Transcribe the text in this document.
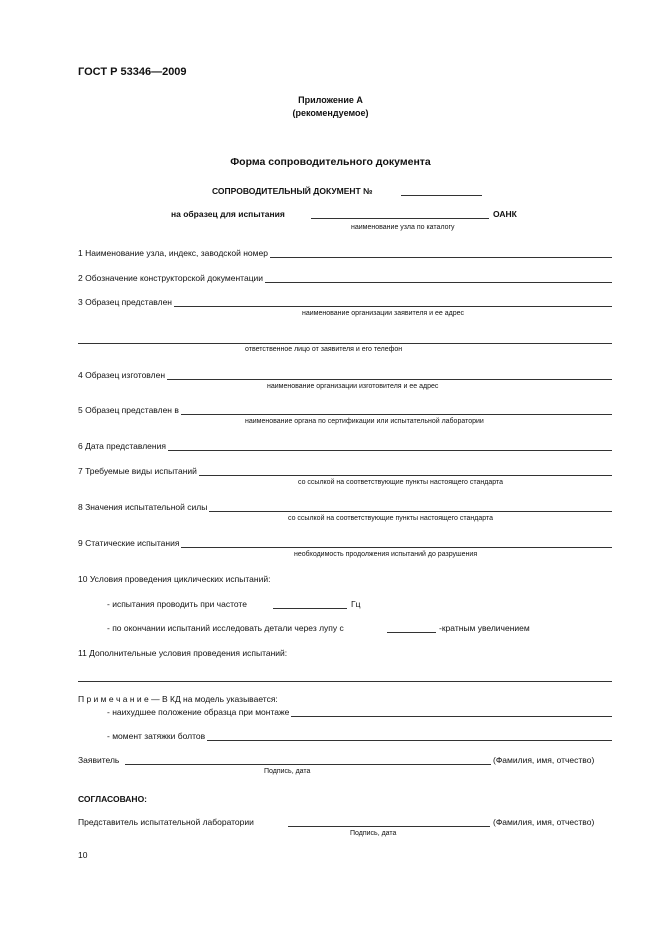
ГОСТ Р 53346—2009
Приложение А
(рекомендуемое)
Форма сопроводительного документа
СОПРОВОДИТЕЛЬНЫЙ ДОКУМЕНТ №
на образец для испытания	ОАНК
наименование узла по каталогу
1 Наименование узла, индекс, заводской номер
2 Обозначение конструкторской документации
3 Образец представлен
наименование организации заявителя и ее адрес
ответственное лицо от заявителя и его телефон
4 Образец изготовлен
наименование организации изготовителя и ее адрес
5 Образец представлен в
наименование органа по сертификации или испытательной лаборатории
6 Дата представления
7 Требуемые виды испытаний
со ссылкой на соответствующие пункты настоящего стандарта
8 Значения испытательной силы
со ссылкой на соответствующие пункты настоящего стандарта
9 Статические испытания
необходимость продолжения испытаний до разрушения
10 Условия проведения циклических испытаний:
- испытания проводить при частоте	Гц
- по окончании испытаний исследовать детали через лупу с	-кратным увеличением
11 Дополнительные условия проведения испытаний:
П р и м е ч а н и е — В КД на модель указывается:
- наихудшее положение образца при монтаже
- момент затяжки болтов
Заявитель	(Фамилия, имя, отчество)
Подпись, дата
СОГЛАСОВАНО:
Представитель испытательной лаборатории	(Фамилия, имя, отчество)
Подпись, дата
10
